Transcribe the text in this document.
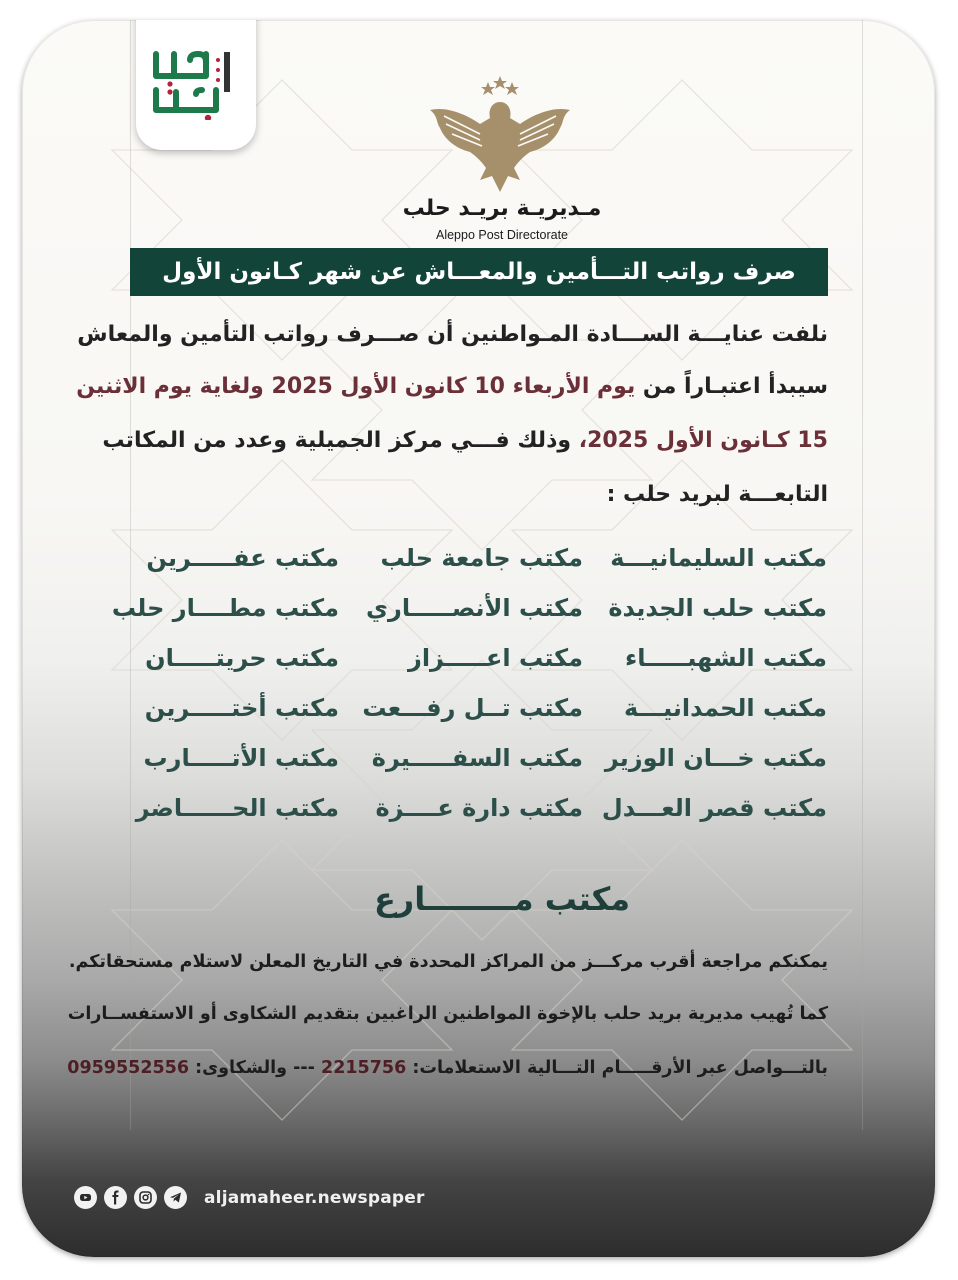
مـديريـة بريـد حلب
Aleppo Post Directorate
صرف رواتب التـــأمين والمعـــاش عن شهر كـانون الأول
نلفت عنايـــة الســـادة المـواطنين أن صـــرف رواتب التأمين والمعاش
سيبدأ اعتبـاراً من يوم الأربعاء 10 كانون الأول 2025 ولغاية يوم الاثنين
15 كـانون الأول 2025، وذلك فـــي مركز الجميلية وعدد من المكاتب
التابعـــة لبريد حلب :
مكتب السليمانيـــة
مكتب حلب الجديدة
مكتب الشهبـــــاء
مكتب الحمدانيـــة
مكتب خـــان الوزير
مكتب قصر العـــدل
مكتب جامعة حلب
مكتب الأنصـــــاري
مكتب اعـــــزاز
مكتب تــل رفـــعت
مكتب السفـــــيرة
مكتب دارة عــــزة
مكتب عفـــــرين
مكتب مطــــار حلب
مكتب حريتـــــان
مكتب أختـــــرين
مكتب الأتـــــارب
مكتب الحــــــاضر
مكتب مــــــــارع
يمكنكم مراجعة أقرب مركـــز من المراكز المحددة في التاريخ المعلن لاستلام مستحقاتكم.
كما تُهيب مديرية بريد حلب بالإخوة المواطنين الراغبين بتقديم الشكاوى أو الاستفســارات
بالتـــواصل عبر الأرقـــــام التـــالية الاستعلامات: 2215756 --- والشكاوى: 0959552556
aljamaheer.newspaper
